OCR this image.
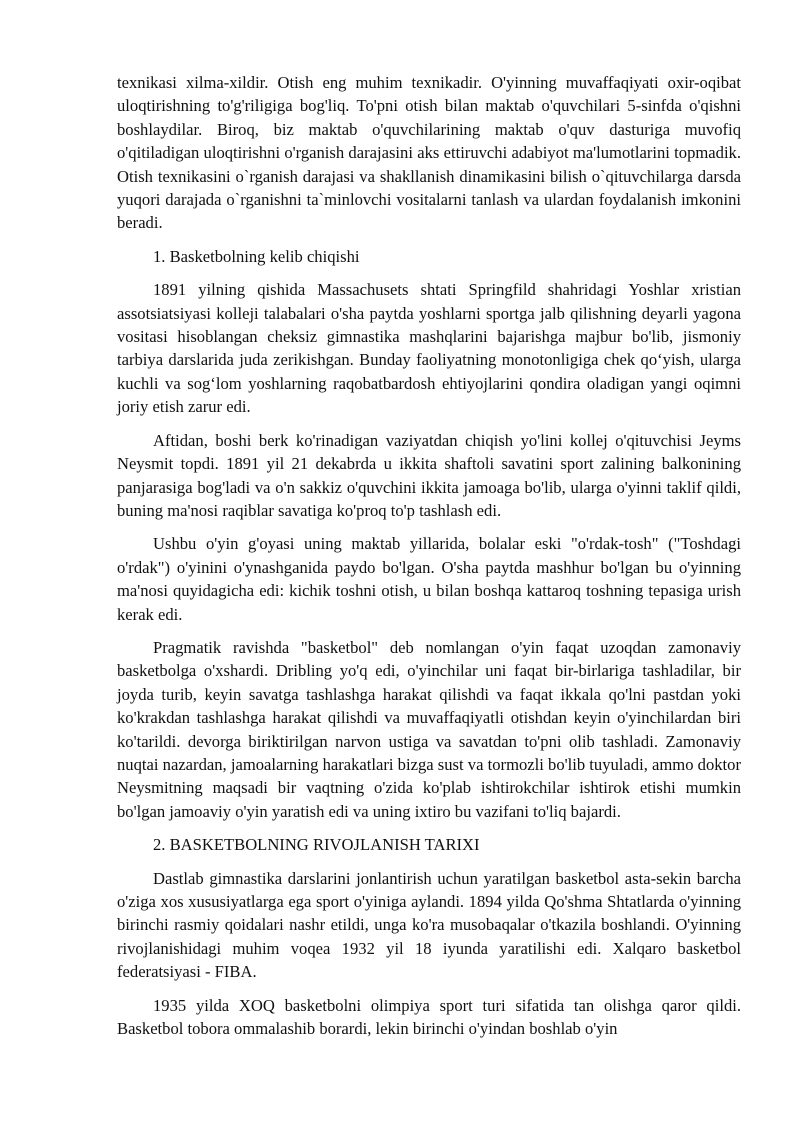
texnikasi xilma-xildir. Otish eng muhim texnikadir. O'yinning muvaffaqiyati oxir-oqibat uloqtirishning to'g'riligiga bog'liq. To'pni otish bilan maktab o'quvchilari 5-sinfda o'qishni boshlaydilar. Biroq, biz maktab o'quvchilarining maktab o'quv dasturiga muvofiq o'qitiladigan uloqtirishni o'rganish darajasini aks ettiruvchi adabiyot ma'lumotlarini topmadik. Otish texnikasini o`rganish darajasi va shakllanish dinamikasini bilish o`qituvchilarga darsda yuqori darajada o`rganishni ta`minlovchi vositalarni tanlash va ulardan foydalanish imkonini beradi.

1. Basketbolning kelib chiqishi

1891 yilning qishida Massachusets shtati Springfild shahridagi Yoshlar xristian assotsiatsiyasi kolleji talabalari o'sha paytda yoshlarni sportga jalb qilishning deyarli yagona vositasi hisoblangan cheksiz gimnastika mashqlarini bajarishga majbur bo'lib, jismoniy tarbiya darslarida juda zerikishgan. Bunday faoliyatning monotonligiga chek qo‘yish, ularga kuchli va sog‘lom yoshlarning raqobatbardosh ehtiyojlarini qondira oladigan yangi oqimni joriy etish zarur edi.

Aftidan, boshi berk ko'rinadigan vaziyatdan chiqish yo'lini kollej o'qituvchisi Jeyms Neysmit topdi. 1891 yil 21 dekabrda u ikkita shaftoli savatini sport zalining balkonining panjarasiga bog'ladi va o'n sakkiz o'quvchini ikkita jamoaga bo'lib, ularga o'yinni taklif qildi, buning ma'nosi raqiblar savatiga ko'proq to'p tashlash edi.

Ushbu o'yin g'oyasi uning maktab yillarida, bolalar eski "o'rdak-tosh" ("Toshdagi o'rdak") o'yinini o'ynashganida paydo bo'lgan. O'sha paytda mashhur bo'lgan bu o'yinning ma'nosi quyidagicha edi: kichik toshni otish, u bilan boshqa kattaroq toshning tepasiga urish kerak edi.

Pragmatik ravishda "basketbol" deb nomlangan o'yin faqat uzoqdan zamonaviy basketbolga o'xshardi. Dribling yo'q edi, o'yinchilar uni faqat bir-birlariga tashladilar, bir joyda turib, keyin savatga tashlashga harakat qilishdi va faqat ikkala qo'lni pastdan yoki ko'krakdan tashlashga harakat qilishdi va muvaffaqiyatli otishdan keyin o'yinchilardan biri ko'tarildi. devorga biriktirilgan narvon ustiga va savatdan to'pni olib tashladi. Zamonaviy nuqtai nazardan, jamoalarning harakatlari bizga sust va tormozli bo'lib tuyuladi, ammo doktor Neysmitning maqsadi bir vaqtning o'zida ko'plab ishtirokchilar ishtirok etishi mumkin bo'lgan jamoaviy o'yin yaratish edi va uning ixtiro bu vazifani to'liq bajardi.

2. BASKETBOLNING RIVOJLANISH TARIXI

Dastlab gimnastika darslarini jonlantirish uchun yaratilgan basketbol asta-sekin barcha o'ziga xos xususiyatlarga ega sport o'yiniga aylandi. 1894 yilda Qo'shma Shtatlarda o'yinning birinchi rasmiy qoidalari nashr etildi, unga ko'ra musobaqalar o'tkazila boshlandi. O'yinning rivojlanishidagi muhim voqea 1932 yil 18 iyunda yaratilishi edi. Xalqaro basketbol federatsiyasi - FIBA.

1935 yilda XOQ basketbolni olimpiya sport turi sifatida tan olishga qaror qildi. Basketbol tobora ommalashib borardi, lekin birinchi o'yindan boshlab o'yin
